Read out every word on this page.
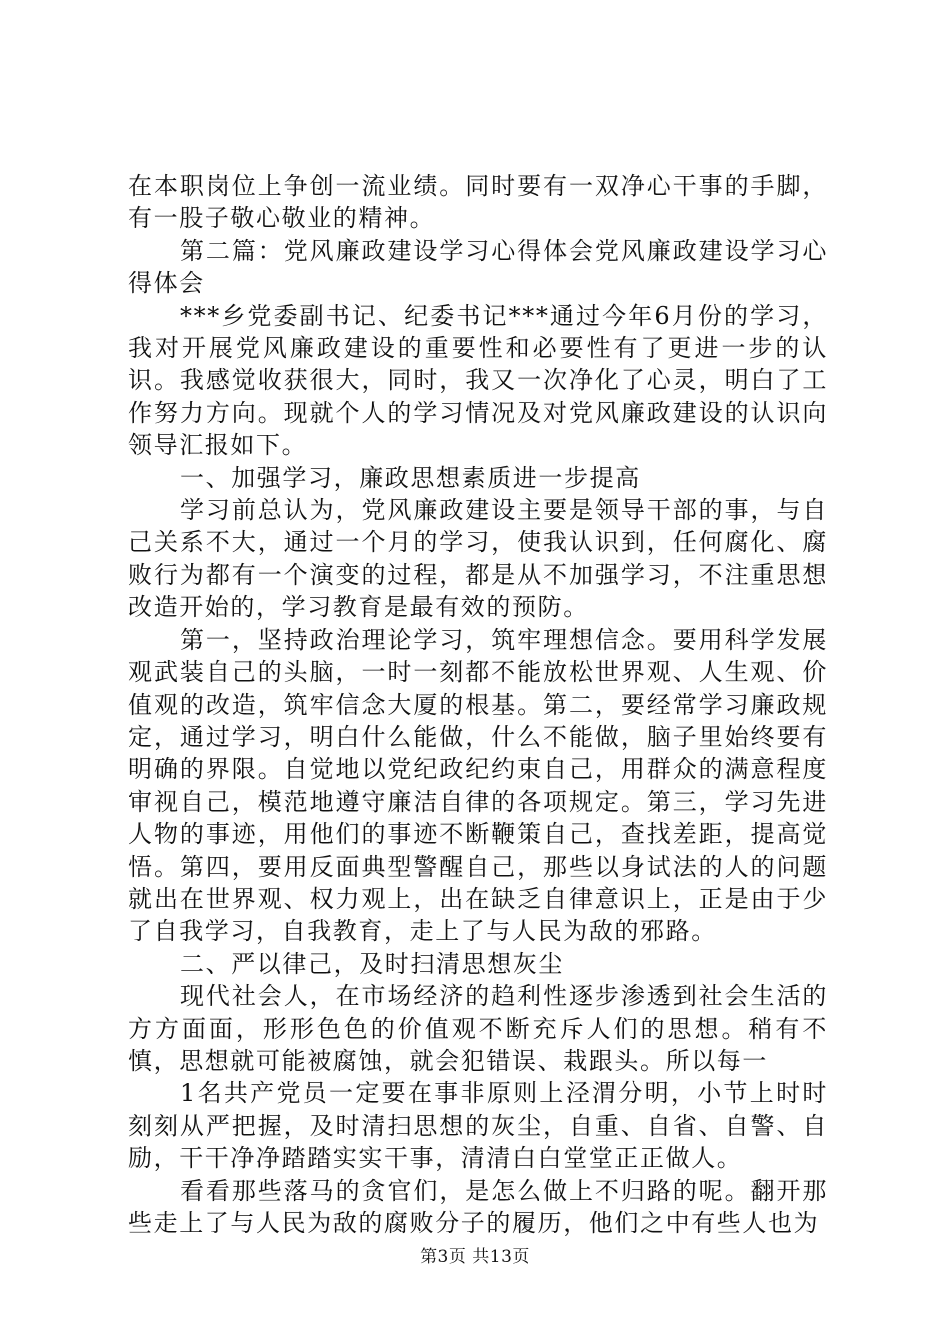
在本职岗位上争创一流业绩。同时要有一双净心干事的手脚，有一股子敬心敬业的精神。

第二篇：党风廉政建设学习心得体会党风廉政建设学习心得体会

***乡党委副书记、纪委书记***通过今年6月份的学习，我对开展党风廉政建设的重要性和必要性有了更进一步的认识。我感觉收获很大，同时，我又一次净化了心灵，明白了工作努力方向。现就个人的学习情况及对党风廉政建设的认识向领导汇报如下。

一、加强学习，廉政思想素质进一步提高

学习前总认为，党风廉政建设主要是领导干部的事，与自己关系不大，通过一个月的学习，使我认识到，任何腐化、腐败行为都有一个演变的过程，都是从不加强学习，不注重思想改造开始的，学习教育是最有效的预防。

第一，坚持政治理论学习，筑牢理想信念。要用科学发展观武装自己的头脑，一时一刻都不能放松世界观、人生观、价值观的改造，筑牢信念大厦的根基。第二，要经常学习廉政规定，通过学习，明白什么能做，什么不能做，脑子里始终要有明确的界限。自觉地以党纪政纪约束自己，用群众的满意程度审视自己，模范地遵守廉洁自律的各项规定。第三，学习先进人物的事迹，用他们的事迹不断鞭策自己，查找差距，提高觉悟。第四，要用反面典型警醒自己，那些以身试法的人的问题就出在世界观、权力观上，出在缺乏自律意识上，正是由于少了自我学习，自我教育，走上了与人民为敌的邪路。

二、严以律己，及时扫清思想灰尘

现代社会人，在市场经济的趋利性逐步渗透到社会生活的方方面面，形形色色的价值观不断充斥人们的思想。稍有不慎，思想就可能被腐蚀，就会犯错误、栽跟头。所以每一

1名共产党员一定要在事非原则上泾渭分明，小节上时时刻刻从严把握，及时清扫思想的灰尘，自重、自省、自警、自励，干干净净踏踏实实干事，清清白白堂堂正正做人。

看看那些落马的贪官们，是怎么做上不归路的呢。翻开那些走上了与人民为敌的腐败分子的履历，他们之中有些人也为

第3页 共13页
